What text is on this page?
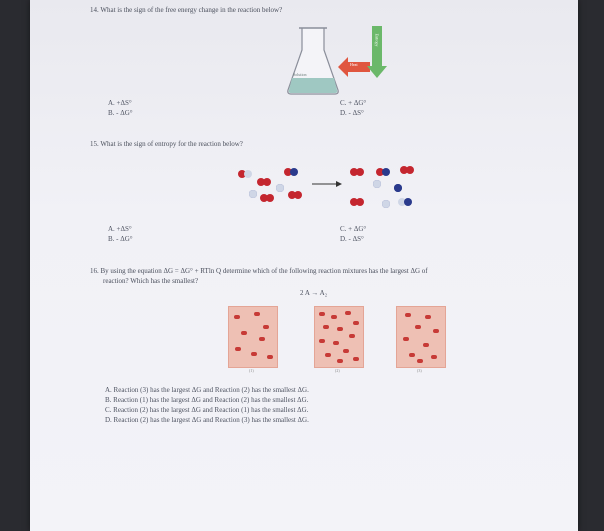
14. What is the sign of the free energy change in the reaction below?
Solution
Heat
Entropy
A. +ΔS°
B. - ΔG°
C. + ΔG°
D. - ΔS°
15. What is the sign of entropy for the reaction below?
A. +ΔS°
B. - ΔG°
C. + ΔG°
D. - ΔS°
16. By using the equation ΔG = ΔG° + RTln Q determine which of the following reaction mixtures has the largest ΔG of
reaction? Which has the smallest?
2 A → A₂
(1)	(2)	(3)
A. Reaction (3) has the largest ΔG and Reaction (2) has the smallest ΔG.
B. Reaction (1) has the largest ΔG and Reaction (2) has the smallest ΔG.
C. Reaction (2) has the largest ΔG and Reaction (1) has the smallest ΔG.
D. Reaction (2) has the largest ΔG and Reaction (3) has the smallest ΔG.
